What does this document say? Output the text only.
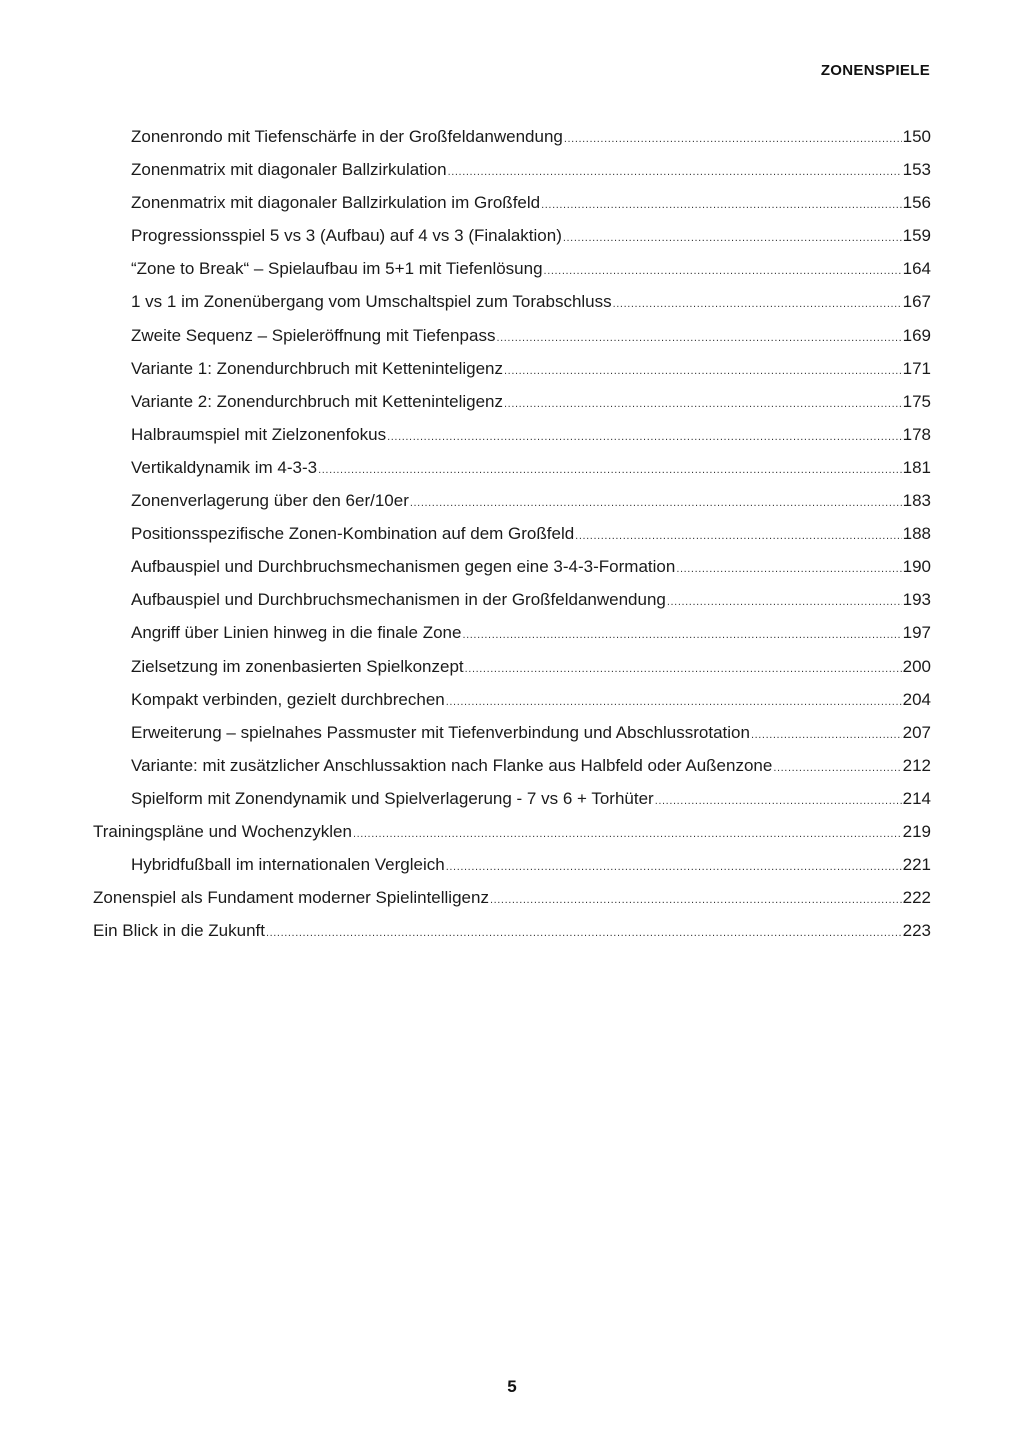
ZONENSPIELE
Zonenrondo mit Tiefenschärfe in der Großfeldanwendung .....	150
Zonenmatrix mit diagonaler Ballzirkulation .....	153
Zonenmatrix mit diagonaler Ballzirkulation im Großfeld .....	156
Progressionsspiel 5 vs 3 (Aufbau) auf 4 vs 3 (Finalaktion) .....	159
“Zone to Break“ – Spielaufbau im 5+1 mit Tiefenlösung .....	164
1 vs 1 im Zonenübergang vom Umschaltspiel zum Torabschluss .....	167
Zweite Sequenz – Spieleröffnung mit Tiefenpass .....	169
Variante 1: Zonendurchbruch mit Ketteninteligenz .....	171
Variante 2: Zonendurchbruch mit Ketteninteligenz .....	175
Halbraumspiel mit Zielzonenfokus .....	178
Vertikaldynamik im 4-3-3 .....	181
Zonenverlagerung über den 6er/10er .....	183
Positionsspezifische Zonen-Kombination auf dem Großfeld .....	188
Aufbauspiel und Durchbruchsmechanismen gegen eine 3-4-3-Formation .....	190
Aufbauspiel und Durchbruchsmechanismen in der Großfeldanwendung .....	193
Angriff über Linien hinweg in die finale Zone .....	197
Zielsetzung im zonenbasierten Spielkonzept .....	200
Kompakt verbinden, gezielt durchbrechen .....	204
Erweiterung – spielnahes Passmuster mit Tiefenverbindung und Abschlussrotation .....	207
Variante: mit zusätzlicher Anschlussaktion nach Flanke aus Halbfeld oder Außenzone .....	212
Spielform mit Zonendynamik und Spielverlagerung - 7 vs 6 + Torhüter .....	214
Trainingspläne und Wochenzyklen .....	219
Hybridfußball im internationalen Vergleich .....	221
Zonenspiel als Fundament moderner Spielintelligenz .....	222
Ein Blick in die Zukunft .....	223
5
